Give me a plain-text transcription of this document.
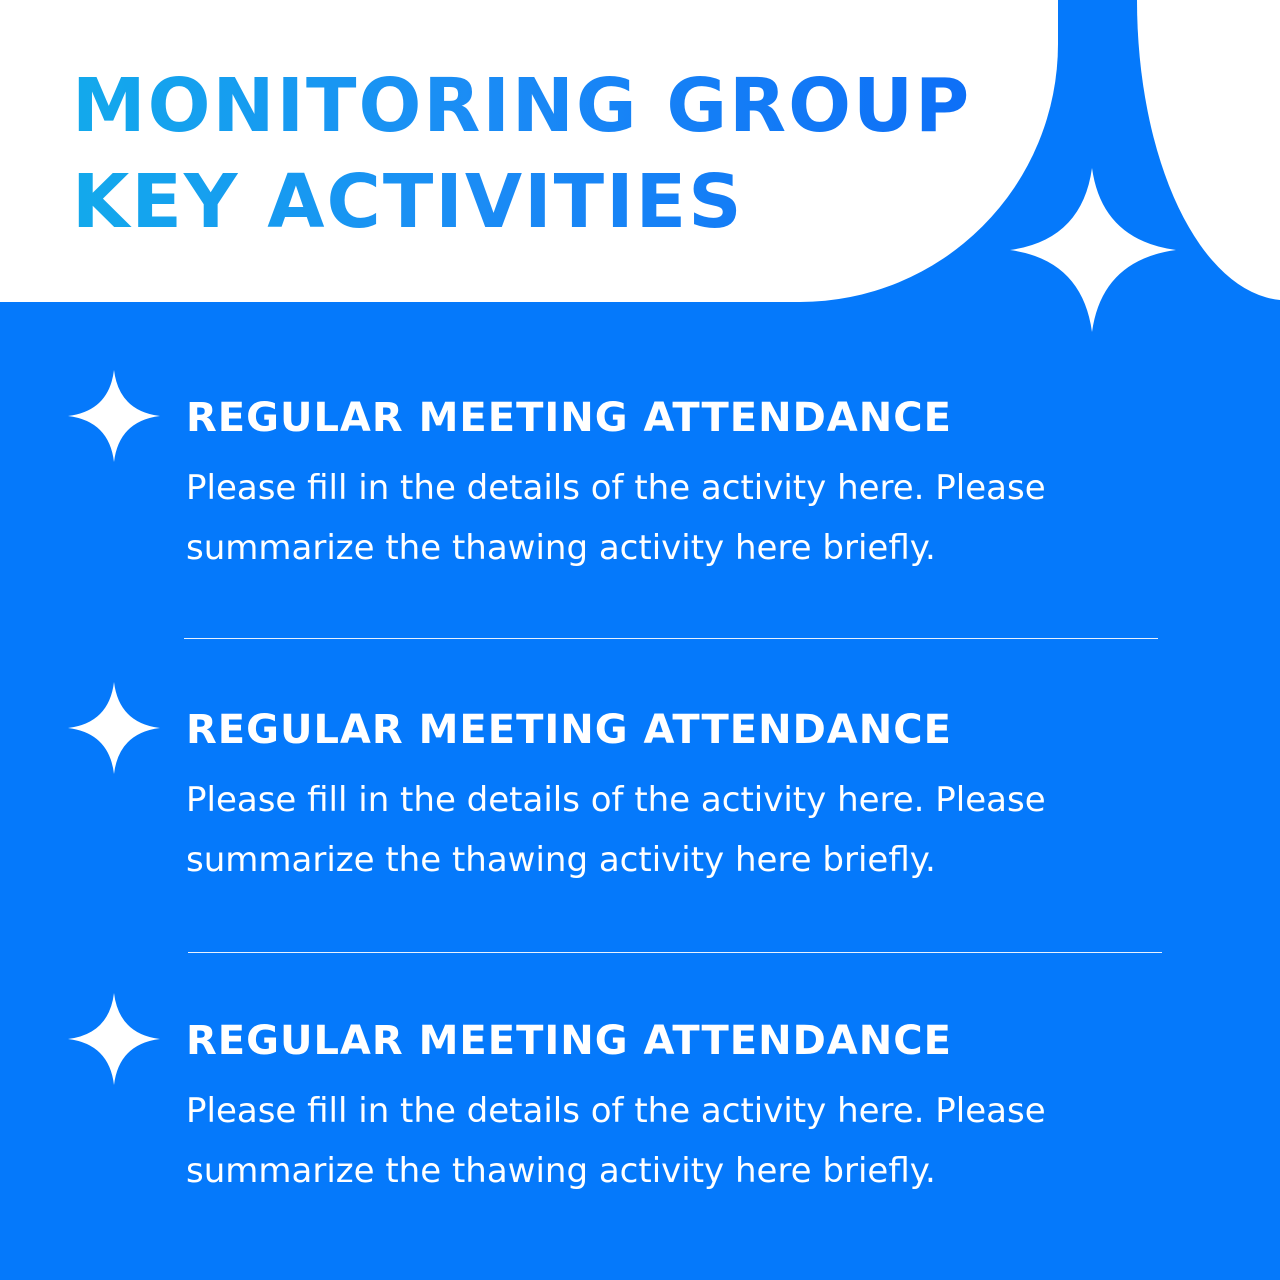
MONITORING GROUP
KEY ACTIVITIES
REGULAR MEETING ATTENDANCE

Please fill in the details of the activity here. Please summarize the thawing activity here briefly.

REGULAR MEETING ATTENDANCE

Please fill in the details of the activity here. Please summarize the thawing activity here briefly.

REGULAR MEETING ATTENDANCE

Please fill in the details of the activity here. Please summarize the thawing activity here briefly.
